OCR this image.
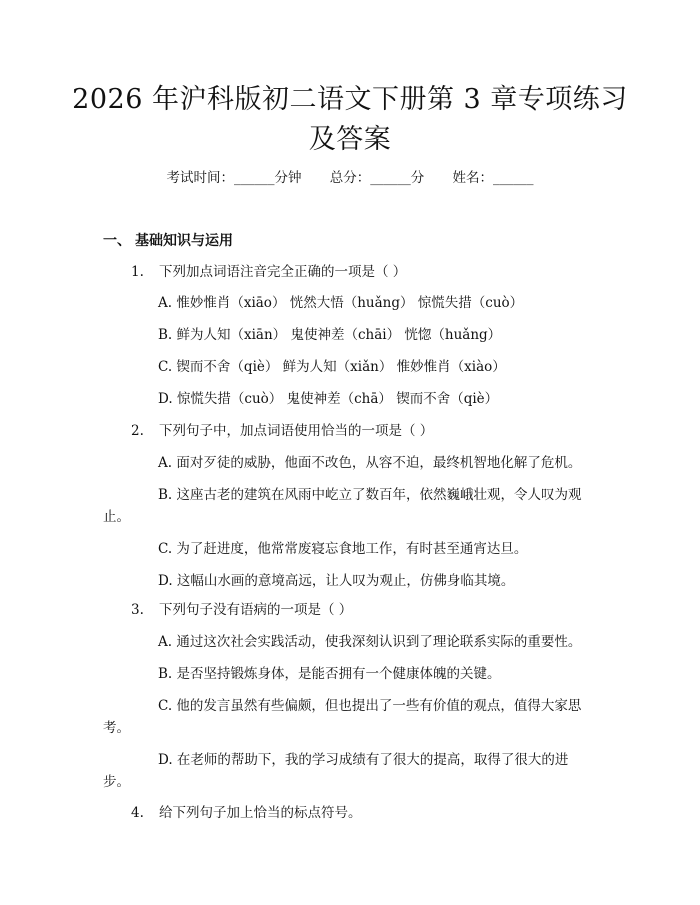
2026 年沪科版初二语文下册第 3 章专项练习
及答案
考试时间：______分钟 总分：______分 姓名：______
一、 基础知识与运用
1. 下列加点词语注音完全正确的一项是（ ）
A. 惟妙惟肖（xiāo） 恍然大悟（huǎng） 惊慌失措（cuò）
B. 鲜为人知（xiān） 鬼使神差（chāi） 恍惚（huǎng）
C. 锲而不舍（qiè） 鲜为人知（xiǎn） 惟妙惟肖（xiào）
D. 惊慌失措（cuò） 鬼使神差（chā） 锲而不舍（qiè）
2. 下列句子中，加点词语使用恰当的一项是（ ）
A. 面对歹徒的威胁，他面不改色，从容不迫，最终机智地化解了危机。
B. 这座古老的建筑在风雨中屹立了数百年，依然巍峨壮观，令人叹为观
止。
C. 为了赶进度，他常常废寝忘食地工作，有时甚至通宵达旦。
D. 这幅山水画的意境高远，让人叹为观止，仿佛身临其境。
3. 下列句子没有语病的一项是（ ）
A. 通过这次社会实践活动，使我深刻认识到了理论联系实际的重要性。
B. 是否坚持锻炼身体，是能否拥有一个健康体魄的关键。
C. 他的发言虽然有些偏颇，但也提出了一些有价值的观点，值得大家思
考。
D. 在老师的帮助下，我的学习成绩有了很大的提高，取得了很大的进
步。
4. 给下列句子加上恰当的标点符号。
